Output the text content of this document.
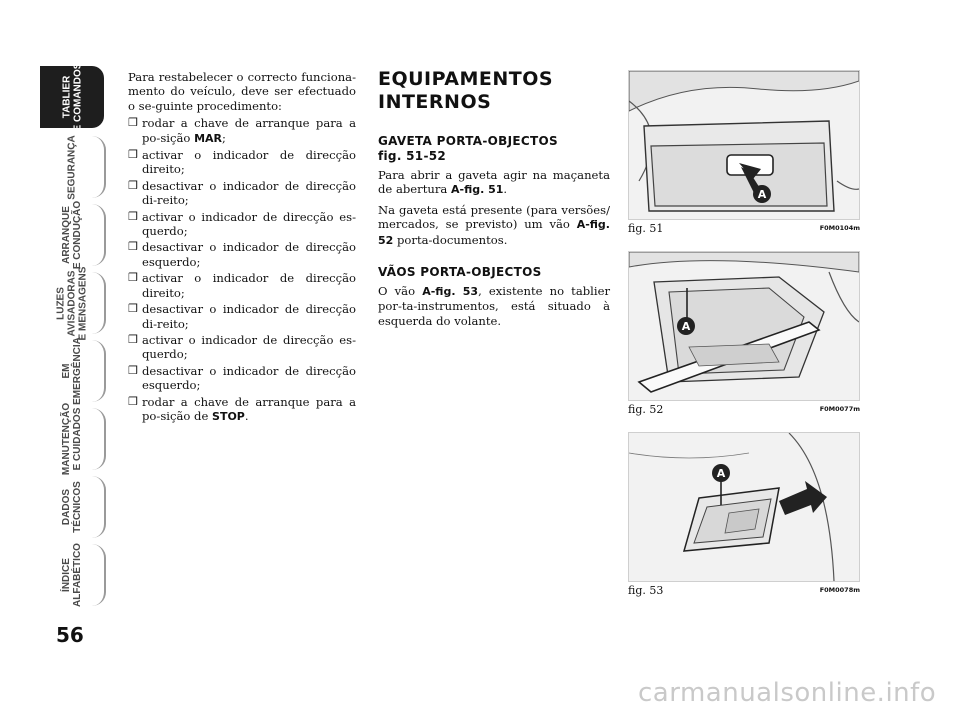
TABLIER
E COMANDOS
SEGURANÇA
ARRANQUE
E CONDUÇÃO
LUZES
AVISADORAS
E MENSAGENS
EM
EMERGÊNCIA
MANUTENÇÃO
E CUIDADOS
DADOS
TÉCNICOS
ÍNDICE
ALFABÉTICO
56

Para restabelecer o correcto funciona-mento do veículo, deve ser efectuado o se-guinte procedimento:

❒ rodar a chave de arranque para a po-sição MAR;
❒ activar o indicador de direcção direito;
❒ desactivar o indicador de direcção di-reito;
❒ activar o indicador de direcção es-querdo;
❒ desactivar o indicador de direcção esquerdo;
❒ activar o indicador de direcção direito;
❒ desactivar o indicador de direcção di-reito;
❒ activar o indicador de direcção es-querdo;
❒ desactivar o indicador de direcção esquerdo;
❒ rodar a chave de arranque para a po-sição de STOP.
EQUIPAMENTOS INTERNOS
GAVETA PORTA-OBJECTOS
fig. 51-52

Para abrir a gaveta agir na maçaneta de abertura A-fig. 51.

Na gaveta está presente (para versões/ mercados, se previsto) um vão A-fig. 52 porta-documentos.

VÃOS PORTA-OBJECTOS

O vão A-fig. 53, existente no tablier por-ta-instrumentos, está situado à esquerda do volante.

A
fig. 51	F0M0104m
A
fig. 52	F0M0077m
A
fig. 53	F0M0078m
carmanualsonline.info
